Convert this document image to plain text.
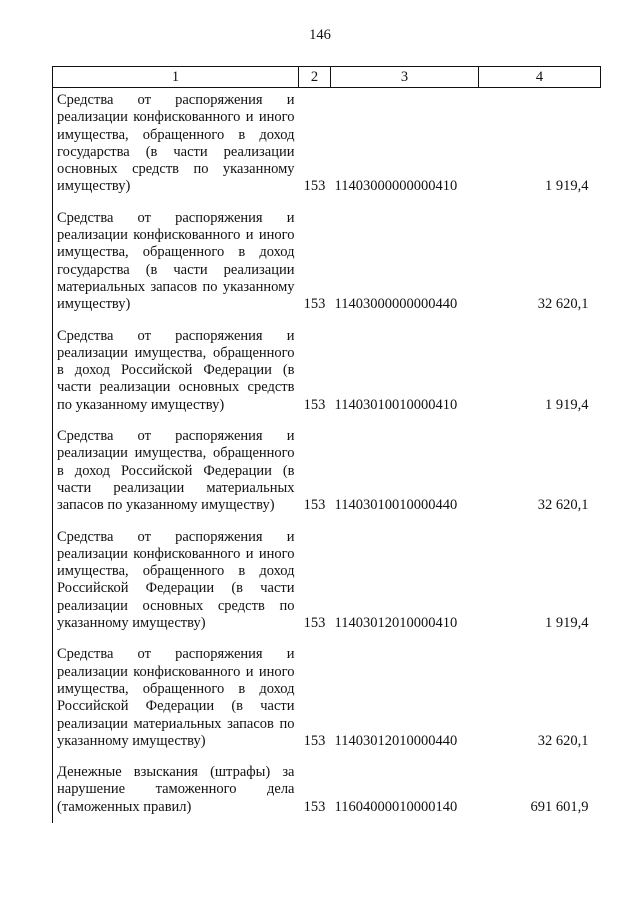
146
1	2	3	4
Средства от распоряжения и реализации конфискованного и иного имущества, обращенного в доход государства (в части реализации основных средств по указанному имуществу)	153	11403000000000410	1 919,4
Средства от распоряжения и реализации конфискованного и иного имущества, обращенного в доход государства (в части реализации материальных запасов по указанному имуществу)	153	11403000000000440	32 620,1
Средства от распоряжения и реализации имущества, обращенного в доход Российской Федерации (в части реализации основных средств по указанному имуществу)	153	11403010010000410	1 919,4
Средства от распоряжения и реализации имущества, обращенного в доход Российской Федерации (в части реализации материальных запасов по указанному имуществу)	153	11403010010000440	32 620,1
Средства от распоряжения и реализации конфискованного и иного имущества, обращенного в доход Российской Федерации (в части реализации основных средств по указанному имуществу)	153	11403012010000410	1 919,4
Средства от распоряжения и реализации конфискованного и иного имущества, обращенного в доход Российской Федерации (в части реализации материальных запасов по указанному имуществу)	153	11403012010000440	32 620,1
Денежные взыскания (штрафы) за нарушение таможенного дела (таможенных правил)	153	11604000010000140	691 601,9
